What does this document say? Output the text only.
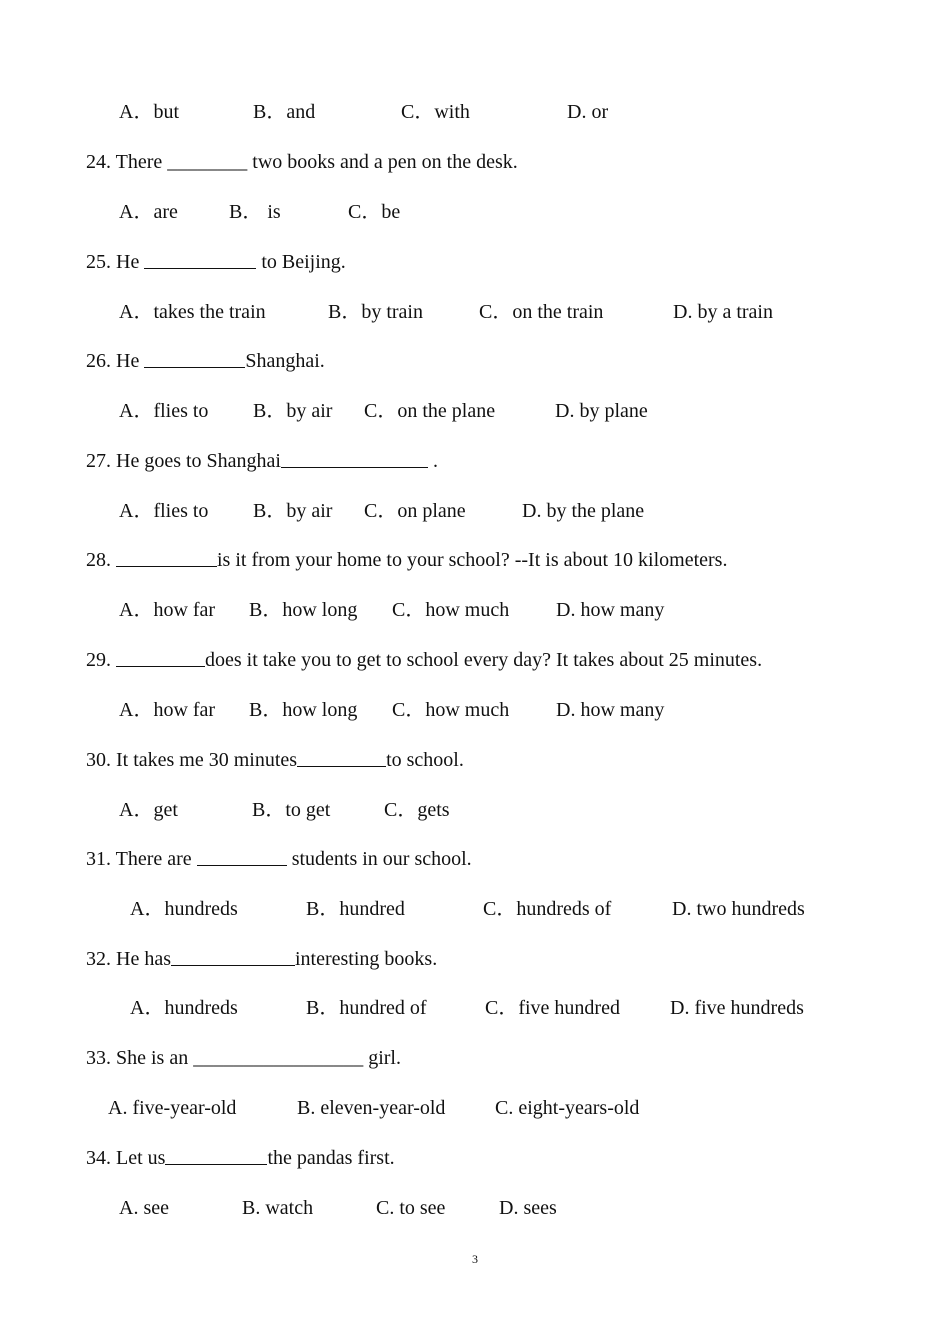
A．but	B．and	C．with	D. or
24. There ________ two books and a pen on the desk.
A．are	B． is	C．be
25. He	to Beijing.
A．takes the train	B．by train	C．on the train	D. by a train
26. He	Shanghai.
A．flies to B．by air C．on the plane	D. by plane
27. He goes to Shanghai	.
A．flies to B．by air C．on plane	D. by the plane
28.	is it from your home to your school? --It is about 10 kilometers.
A．how far B．how long C．how much D. how many
29.	does it take you to get to school every day? It takes about 25 minutes.
A．how far B．how long C．how much D. how many
30. It takes me 30 minutes	to school.
A．get	B．to get	C．gets
31. There are	students in our school.
A．hundreds	B．hundred	C．hundreds of	D. two hundreds
32. He has	interesting books.
A．hundreds	B．hundred of	C．five hundred	D. five hundreds
33. She is an _________________ girl.
A. five-year-old	B. eleven-year-old C. eight-years-old
34. Let us	the pandas first.
A. see	B. watch	C. to see	D. sees
3
